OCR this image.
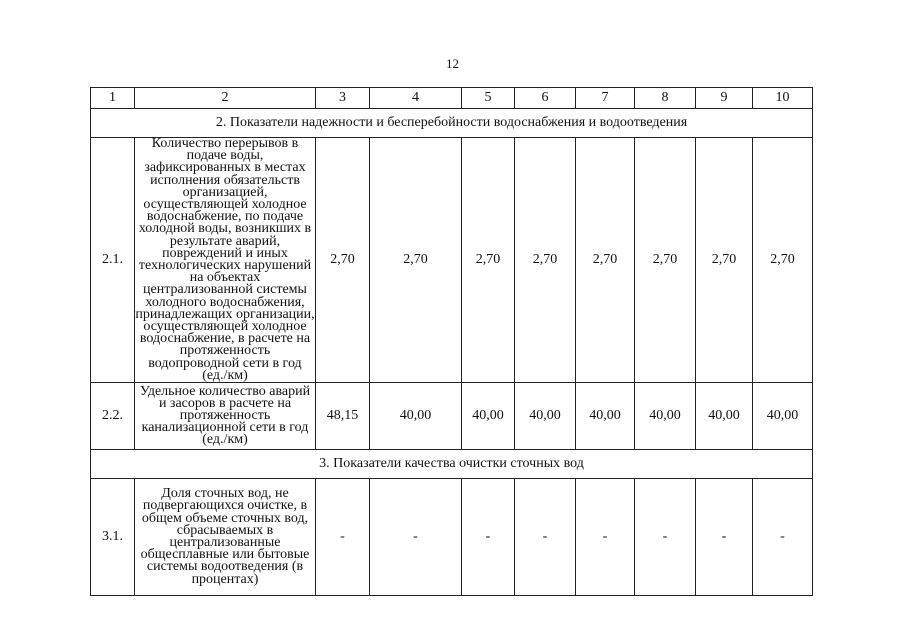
12
1	2	3	4	5	6	7	8	9	10
2. Показатели надежности и бесперебойности водоснабжения и водоотведения									
2.1.	Количество перерывов в подаче воды, зафиксированных в местах исполнения обязательств организацией, осуществляющей холодное водоснабжение, по подаче холодной воды, возникших в результате аварий, повреждений и иных технологических нарушений на объектах централизованной системы холодного водоснабжения, принадлежащих организации, осуществляющей холодное водоснабжение, в расчете на протяженность водопроводной сети в год (ед./км)	2,70	2,70	2,70	2,70	2,70	2,70	2,70	2,70
2.2.	Удельное количество аварий и засоров в расчете на протяженность канализационной сети в год (ед./км)	48,15	40,00	40,00	40,00	40,00	40,00	40,00	40,00
3. Показатели качества очистки сточных вод									
3.1.	Доля сточных вод, не подвергающихся очистке, в общем объеме сточных вод, сбрасываемых в централизованные общесплавные или бытовые системы водоотведения (в процентах)	-	-	-	-	-	-	-	-
